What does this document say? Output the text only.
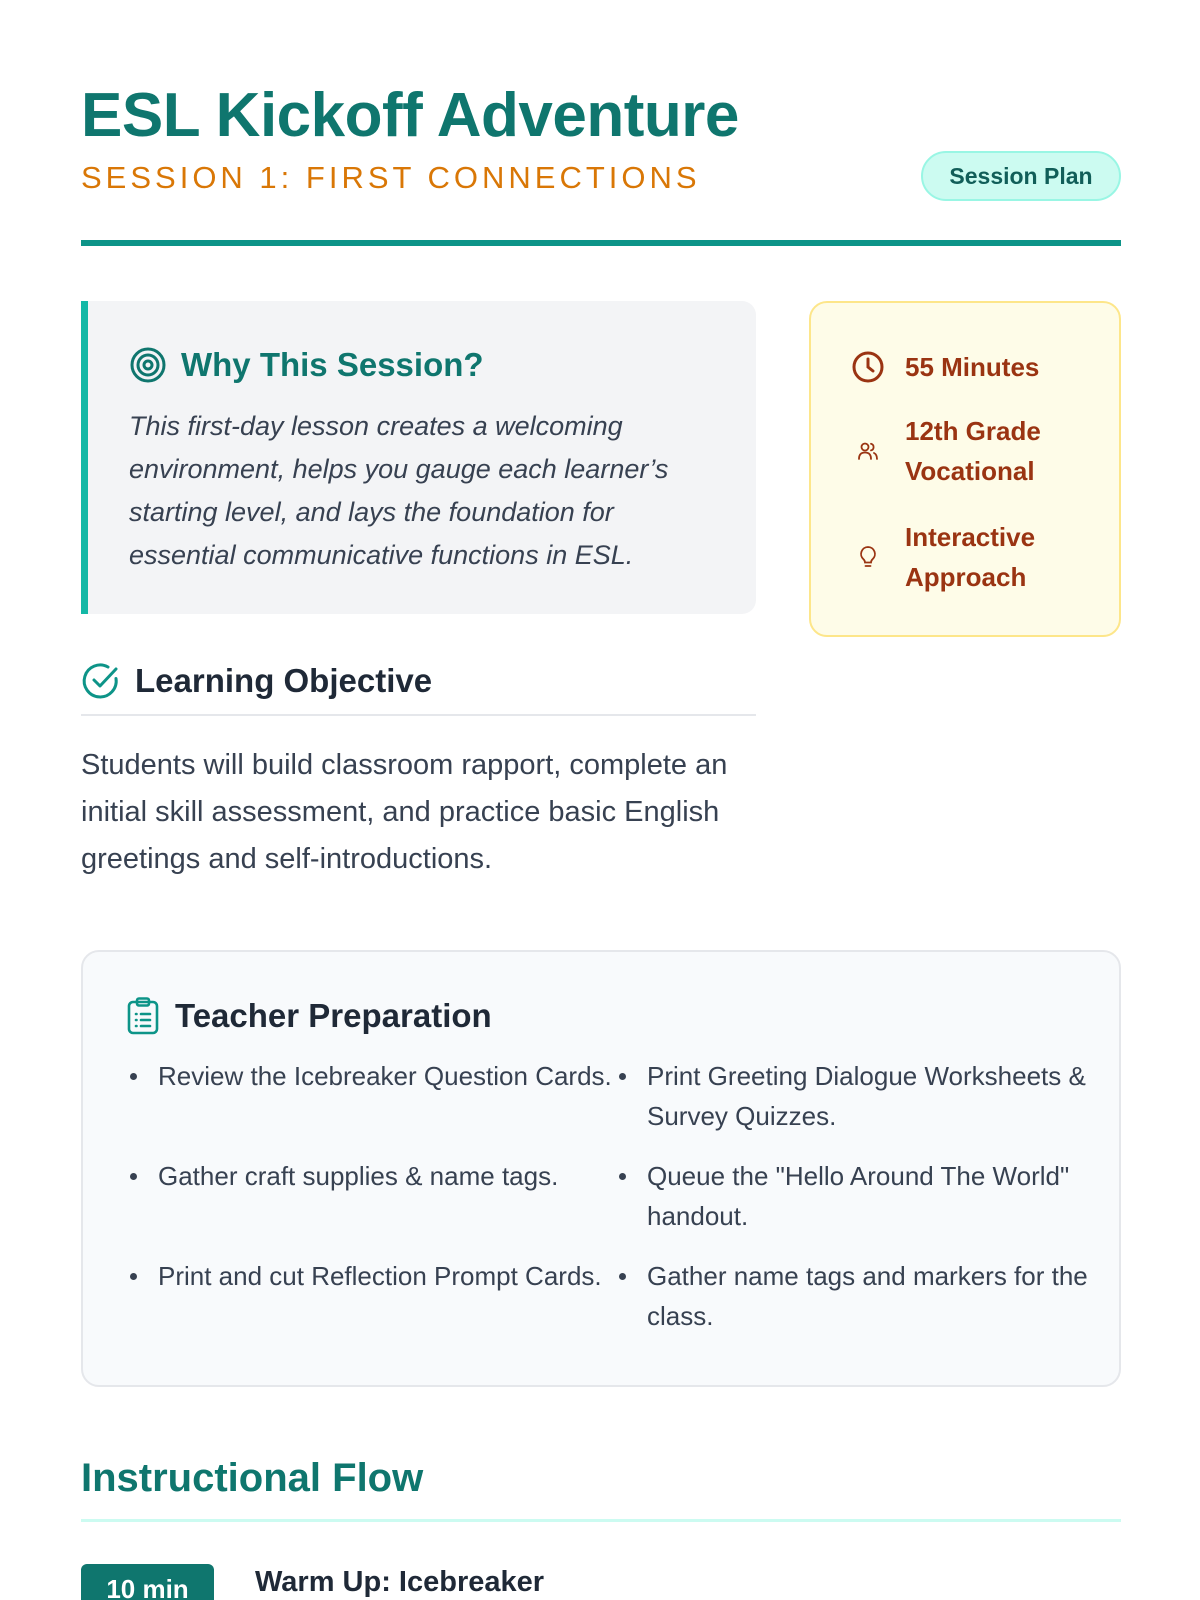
ESL Kickoff Adventure
SESSION 1: FIRST CONNECTIONS	Session Plan
Why This Session?

This first-day lesson creates a welcoming environment, helps you gauge each learner’s starting level, and lays the foundation for essential communicative functions in ESL.

55 Minutes
12th Grade Vocational
Interactive Approach
Learning Objective

Students will build classroom rapport, complete an initial skill assessment, and practice basic English greetings and self-introductions.

Teacher Preparation
Review the Icebreaker Question Cards.	Print Greeting Dialogue Worksheets & Survey Quizzes.
Gather craft supplies & name tags.	Queue the "Hello Around The World" handout.
Print and cut Reflection Prompt Cards.	Gather name tags and markers for the class.
Instructional Flow
10 min	Warm Up: Icebreaker
